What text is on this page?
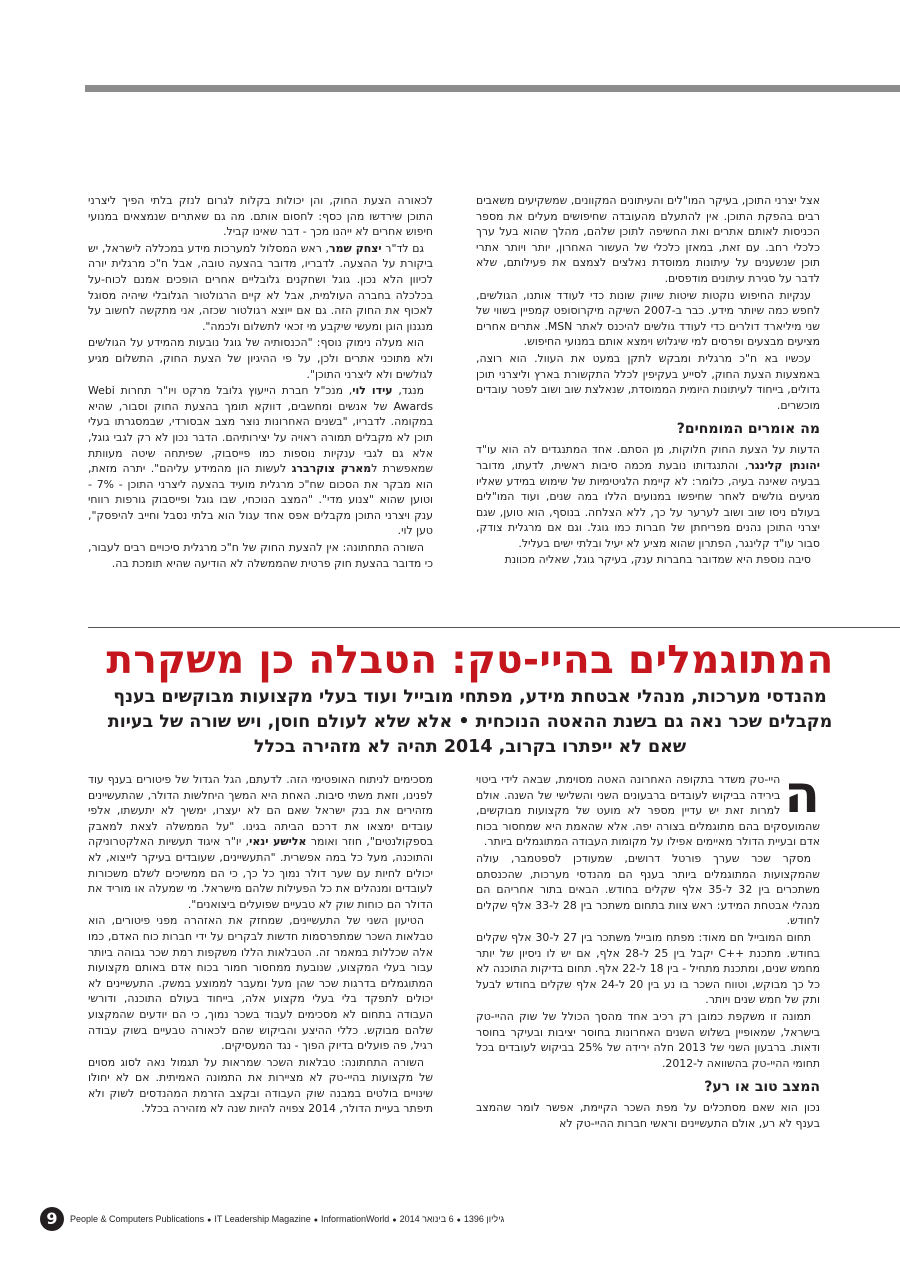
אצל יצרני התוכן, בעיקר המו"לים והעיתונים המקוונים, שמשקיעים משאבים רבים בהפקת התוכן. אין להתעלם מהעובדה שחיפושים מעלים את מספר הכניסות לאותם אתרים ואת החשיפה לתוכן שלהם, מהלך שהוא בעל ערך כלכלי רחב. עם זאת, במאזן כלכלי של העשור האחרון, יותר ויותר אתרי תוכן שנשענים על עיתונות ממוסדת נאלצים לצמצם את פעילותם, שלא לדבר על סגירת עיתונים מודפסים.

ענקיות החיפוש נוקטות שיטות שיווק שונות כדי לעודד אותנו, הגולשים, לחפש כמה שיותר מידע. כבר ב-2007 השיקה מיקרוסופט קמפיין בשווי של שני מיליארד דולרים כדי לעודד גולשים להיכנס לאתר MSN. אתרים אחרים מציעים מבצעים ופרסים למי שיגלוש וימצא אותם במנועי החיפוש.

עכשיו בא ח"כ מרגלית ומבקש לתקן במעט את העוול. הוא רוצה, באמצעות הצעת החוק, לסייע בעקיפין לכלל התקשורת בארץ וליצרני תוכן גדולים, בייחוד לעיתונות היומית הממוסדת, שנאלצת שוב ושוב לפטר עובדים מוכשרים.

מה אומרים המומחים?

הדעות על הצעת החוק חלוקות, מן הסתם. אחד המתנגדים לה הוא עו"ד יהונתן קלינגר, והתנגדותו נובעת מכמה סיבות ראשית, לדעתו, מדובר בבעיה שאינה בעיה, כלומר: לא קיימת הלגיטימיות של שימוש במידע שאליו מגיעים גולשים לאחר שחיפשו במנועים הללו במה שנים, ועוד המו"לים בעולם ניסו שוב ושוב לערער על כך, ללא הצלחה. בנוסף, הוא טוען, שגם יצרני התוכן נהנים מפריחתן של חברות כמו גוגל. וגם אם מרגלית צודק, סבור עו"ד קלינגר, הפתרון שהוא מציע לא יעיל ובלתי ישים בעליל.

סיבה נוספת היא שמדובר בחברות ענק, בעיקר גוגל, שאליה מכוונת

לכאורה הצעת החוק, והן יכולות בקלות לגרום לנזק בלתי הפיך ליצרני התוכן שירדשו מהן כסף: לחסום אותם. מה גם שאתרים שנמצאים במנועי חיפוש אחרים לא ייהנו מכך - דבר שאינו קביל.

גם לד"ר יצחק שמר, ראש המסלול למערכות מידע במכללה לישראל, יש ביקורת על ההצעה. לדבריו, מדובר בהצעה טובה, אבל ח"כ מרגלית יורה לכיוון הלא נכון. גוגל ושחקנים גלובליים אחרים הופכים אמנם לכוח-על בכלכלה בחברה העולמית, אבל לא קיים הרגולטור הגלובלי שיהיה מסוגל לאכוף את החוק הזה. גם אם ייוצא רגולטור שכזה, אני מתקשה לחשוב על מנגנון הוגן ומעשי שיקבע מי זכאי לתשלום ולכמה".

הוא מעלה נימוק נוסף: "הכנסותיה של גוגל נובעות מהמידע על הגולשים ולא מתוכני אתרים ולכן, על פי ההיגיון של הצעת החוק, התשלום מגיע לגולשים ולא ליצרני התוכן".

מנגד, עידו לוי, מנכ"ל חברת הייעוץ גלובל מרקט ויו"ר תחרות Webi Awards של אנשים ומחשבים, דווקא תומך בהצעת החוק וסבור, שהיא במקומה. לדבריו, "בשנים האחרונות נוצר מצב אבסורדי, שבמסגרתו בעלי תוכן לא מקבלים תמורה ראויה על יצירותיהם. הדבר נכון לא רק לגבי גוגל, אלא גם לגבי ענקיות נוספות כמו פייסבוק, שפיתחה שיטה מעוותת שמאפשרת למארק צוקרברג לעשות הון מהמידע עליהם". יתרה מזאת, הוא מבקר את הסכום שח"כ מרגלית מועיד בהצעה ליצרני התוכן - 7% - וטוען שהוא "צנוע מדי". "המצב הנוכחי, שבו גוגל ופייסבוק גורפות רווחי ענק ויצרני התוכן מקבלים אפס אחד עגול הוא בלתי נסבל וחייב להיפסק", טען לוי.

השורה התחתונה: אין להצעת החוק של ח"כ מרגלית סיכויים רבים לעבור, כי מדובר בהצעת חוק פרטית שהממשלה לא הודיעה שהיא תומכת בה.

המתוגמלים בהיי-טק: הטבלה כן משקרת
מהנדסי מערכות, מנהלי אבטחת מידע, מפתחי מובייל ועוד בעלי מקצועות מבוקשים בענף מקבלים שכר נאה גם בשנת ההאטה הנוכחית • אלא שלא לעולם חוסן, ויש שורה של בעיות שאם לא ייפתרו בקרוב, 2014 תהיה לא מזהירה בכלל

ה
היי-טק משדר בתקופה האחרונה האטה מסוימת, שבאה לידי ביטוי בירידה בביקוש לעובדים ברבעונים השני והשלישי של השנה. אולם למרות זאת יש עדיין מספר לא מועט של מקצועות מבוקשים, שהמועסקים בהם מתוגמלים בצורה יפה. אלא שהאמת היא שמחסור בכוח אדם ובעיית הדולר מאיימים אפילו על מקומות העבודה המתוגמלים ביותר.

מסקר שכר שערך פורטל דרושים, שמעודכן לספטמבר, עולה שהמקצועות המתוגמלים ביותר בענף הם מהנדסי מערכות, שהכנסתם משתכרים בין 32 ל-35 אלף שקלים בחודש. הבאים בתור אחריהם הם מנהלי אבטחת המידע: ראש צוות בתחום משתכר בין 28 ל-33 אלף שקלים לחודש.

תחום המובייל חם מאוד: מפתח מובייל משתכר בין 27 ל-30 אלף שקלים בחודש. מתכנת ++C יקבל בין 25 ל-28 אלף, אם יש לו ניסיון של יותר מחמש שנים, ומתכנת מתחיל - בין 18 ל-22 אלף. תחום בדיקות התוכנה לא כל כך מבוקש, וטווח השכר בו נע בין 20 ל-24 אלף שקלים בחודש לבעל ותק של חמש שנים ויותר.

תמונה זו משקפת כמובן רק רכיב אחד מהסך הכולל של שוק ההיי-טק בישראל, שמאופיין בשלוש השנים האחרונות בחוסר יציבות ובעיקר בחוסר ודאות. ברבעון השני של 2013 חלה ירידה של 25% בביקוש לעובדים בכל תחומי ההיי-טק בהשוואה ל-2012.

המצב טוב או רע?

נכון הוא שאם מסתכלים על מפת השכר הקיימת, אפשר לומר שהמצב בענף לא רע, אולם התעשיינים וראשי חברות ההיי-טק לא

מסכימים לניתוח האופטימי הזה. לדעתם, הגל הגדול של פיטורים בענף עוד לפנינו, וזאת משתי סיבות. האחת היא המשך היחלשות הדולר, שהתעשיינים מזהירים את בנק ישראל שאם הם לא יעצרו, ימשיך לא יתעשתו, אלפי עובדים ימצאו את דרכם הביתה בגינו. "על הממשלה לצאת למאבק בספקולנטים", חוזר ואומר אלישע ינאי, יו"ר איגוד תעשיות האלקטרוניקה והתוכנה, מעל כל במה אפשרית. "התעשיינים, שעובדים בעיקר לייצוא, לא יכולים לחיות עם שער דולר נמוך כל כך, כי הם ממשיכים לשלם משכורות לעובדים ומנהלים את כל הפעילות שלהם מישראל. מי שמעלה או מוריד את הדולר הם כוחות שוק לא טבעיים שפועלים ביצואנים".

הטיעון השני של התעשיינים, שמחזק את האזהרה מפני פיטורים, הוא טבלאות השכר שמתפרסמות חדשות לבקרים על ידי חברות כוח האדם, כמו אלה שכללות במאמר זה. הטבלאות הללו משקפות רמת שכר גבוהה ביותר עבור בעלי המקצוע, שנובעת ממחסור חמור בכוח אדם באותם מקצועות המתוגמלים בדרגות שכר שהן מעל ומעבר לממוצע במשק. התעשיינים לא יכולים לתפקד בלי בעלי מקצוע אלה, בייחוד בעולם התוכנה, ודורשי העבודה בתחום לא מסכימים לעבוד בשכר נמוך, כי הם יודעים שהמקצוע שלהם מבוקש. כללי ההיצע והביקוש שהם לכאורה טבעיים בשוק עבודה רגיל, פה פועלים בדיוק הפוך - נגד המעסיקים.

השורה התחתונה: טבלאות השכר שמראות על תגמול נאה לסוג מסוים של מקצועות בהיי-טק לא מציירות את התמונה האמיתית. אם לא יחולו שינויים בולטים במבנה שוק העבודה ובקצב הזרמת המהנדסים לשוק ולא תיפתר בעיית הדולר, 2014 צפויה להיות שנה לא מזהירה בכלל.

9	People & Computers Publications ● IT Leadership Magazine ● InformationWorld ● 6 בינואר 2014 ● גיליון 1396
